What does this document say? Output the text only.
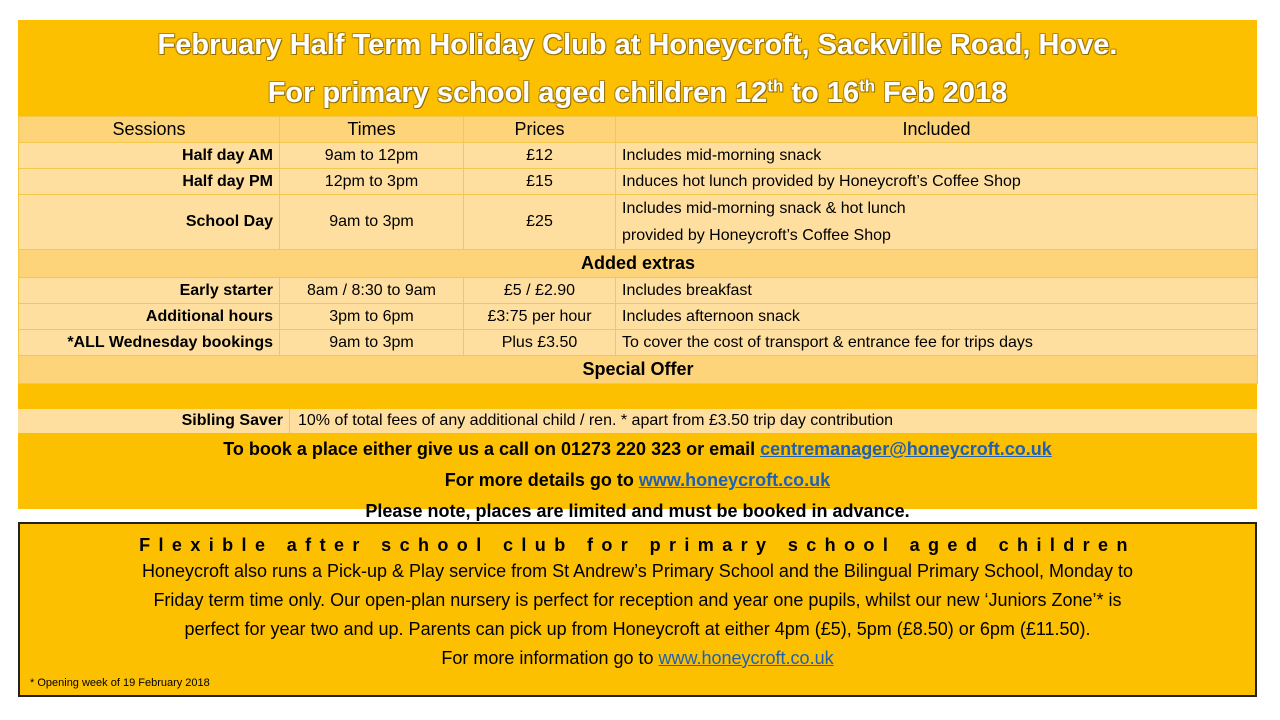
February Half Term Holiday Club at Honeycroft, Sackville Road, Hove.
For primary school aged children 12th to 16th Feb 2018
Sessions	Times	Prices	Included
Half day AM	9am to 12pm	£12	Includes mid-morning snack
Half day PM	12pm to 3pm	£15	Induces hot lunch provided by Honeycroft’s Coffee Shop
School Day	9am to 3pm	£25	Includes mid-morning snack & hot lunch
provided by Honeycroft’s Coffee Shop

Added extras			
Early starter	8am / 8:30 to 9am	£5 / £2.90	Includes breakfast
Additional hours	3pm to 6pm	£3:75 per hour	Includes afternoon snack
*ALL Wednesday bookings	9am to 3pm	Plus £3.50	To cover the cost of transport & entrance fee for trips days
Special Offer			
Sibling Saver 10% of total fees of any additional child / ren. * apart from £3.50 trip day contribution
To book a place either give us a call on 01273 220 323 or email centremanager@honeycroft.co.uk
For more details go to www.honeycroft.co.uk
Please note, places are limited and must be booked in advance.
Flexible after school club for primary school aged children
Honeycroft also runs a Pick-up & Play service from St Andrew’s Primary School and the Bilingual Primary School, Monday to
Friday term time only. Our open-plan nursery is perfect for reception and year one pupils, whilst our new ‘Juniors Zone’* is
perfect for year two and up. Parents can pick up from Honeycroft at either 4pm (£5), 5pm (£8.50) or 6pm (£11.50).
For more information go to www.honeycroft.co.uk
* Opening week of 19 February 2018
